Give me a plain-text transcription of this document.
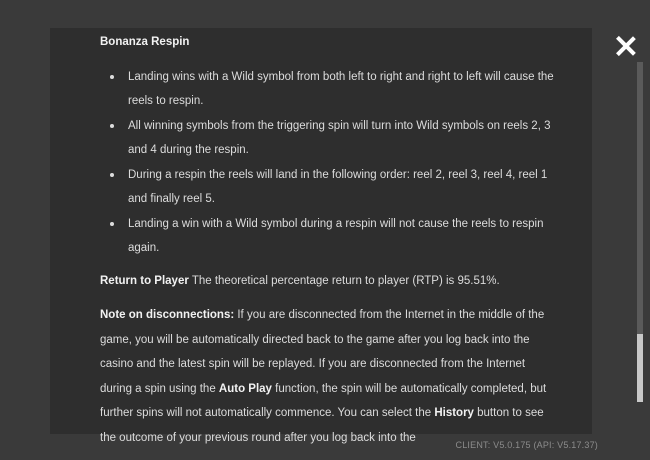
Bonanza Respin
Landing wins with a Wild symbol from both left to right and right to left will cause the reels to respin.
All winning symbols from the triggering spin will turn into Wild symbols on reels 2, 3 and 4 during the respin.
During a respin the reels will land in the following order: reel 2, reel 3, reel 4, reel 1 and finally reel 5.
Landing a win with a Wild symbol during a respin will not cause the reels to respin again.

Return to Player The theoretical percentage return to player (RTP) is 95.51%.

Note on disconnections: If you are disconnected from the Internet in the middle of the game, you will be automatically directed back to the game after you log back into the casino and the latest spin will be replayed. If you are disconnected from the Internet during a spin using the Auto Play function, the spin will be automatically completed, but further spins will not automatically commence. You can select the History button to see the outcome of your previous round after you log back into the

CLIENT: V5.0.175 (API: V5.17.37)
